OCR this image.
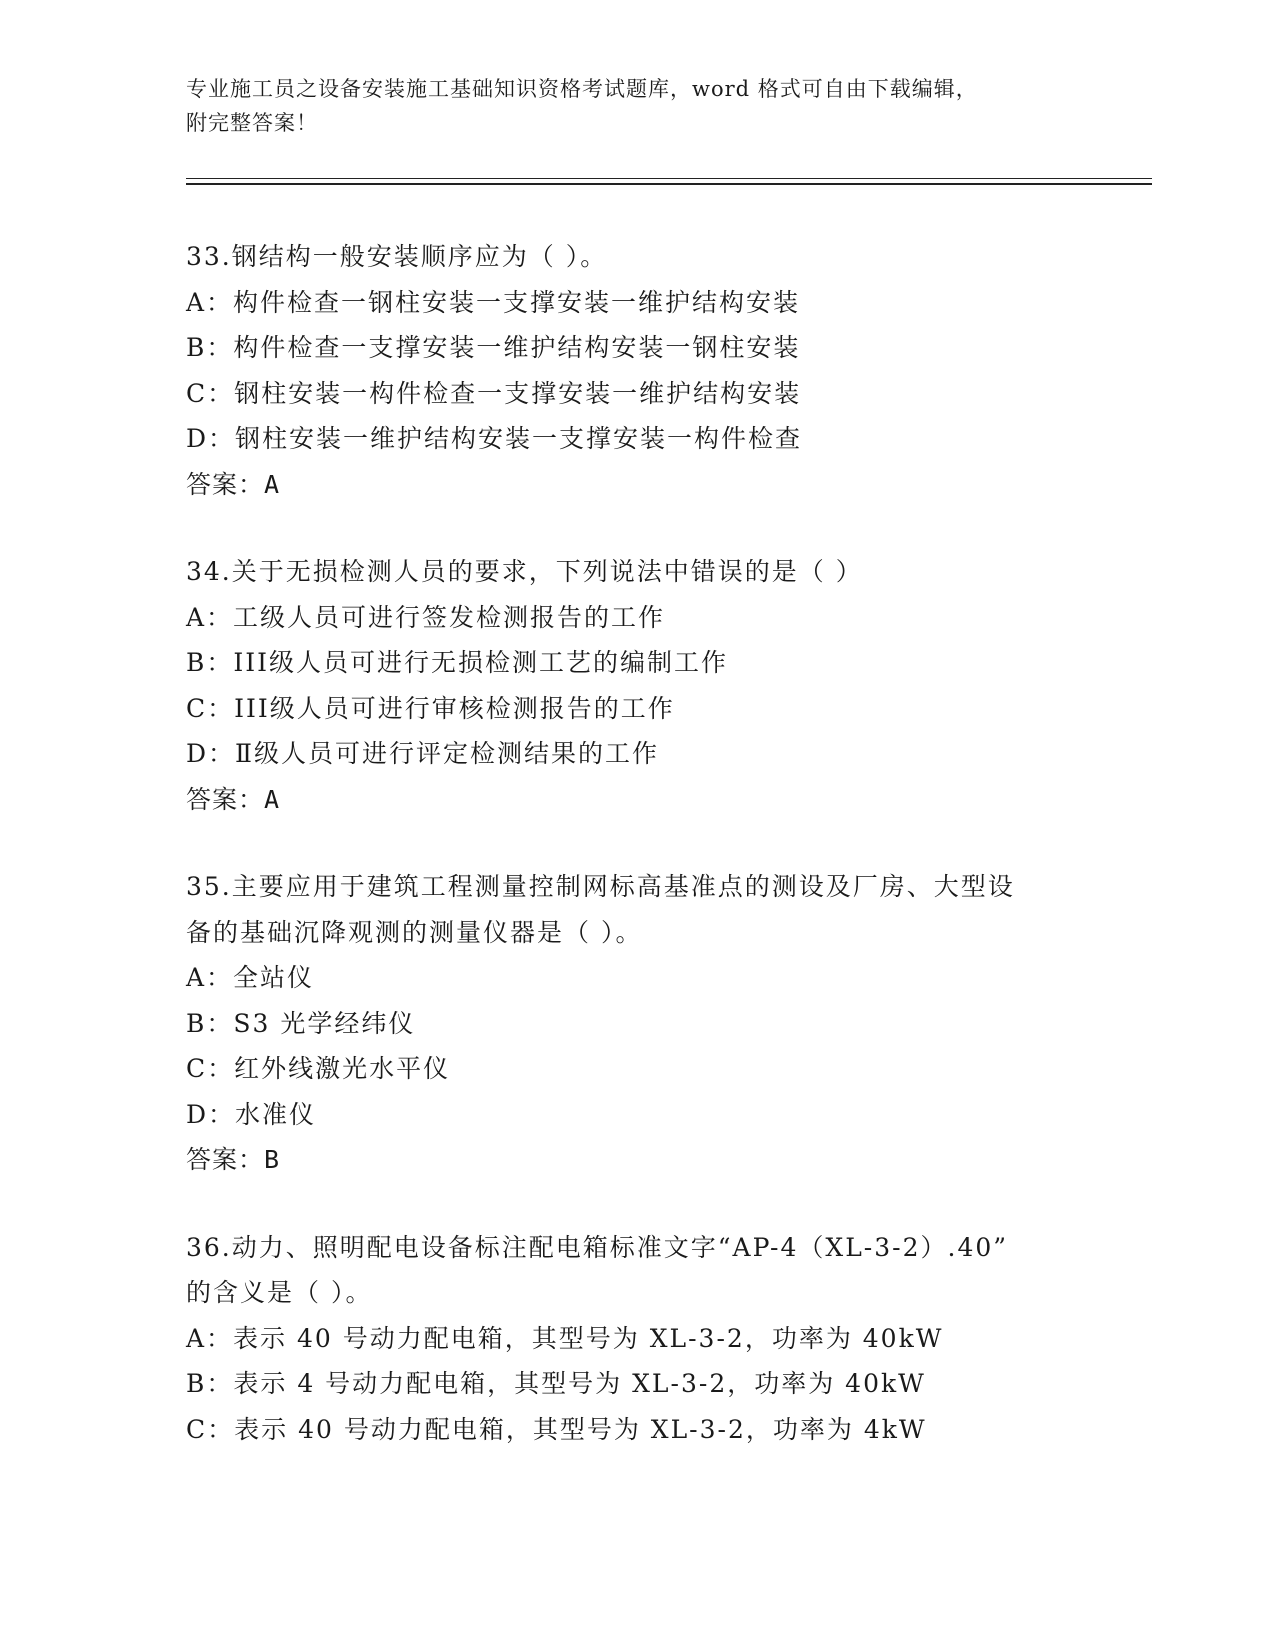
专业施工员之设备安装施工基础知识资格考试题库，word 格式可自由下载编辑，
附完整答案！
33.钢结构一般安装顺序应为（ ）。
A：构件检查一钢柱安装一支撑安装一维护结构安装
B：构件检查一支撑安装一维护结构安装一钢柱安装
C：钢柱安装一构件检查一支撑安装一维护结构安装
D：钢柱安装一维护结构安装一支撑安装一构件检查
答案：A
34.关于无损检测人员的要求，下列说法中错误的是（ ）
A：工级人员可进行签发检测报告的工作
B：III级人员可进行无损检测工艺的编制工作
C：III级人员可进行审核检测报告的工作
D：Ⅱ级人员可进行评定检测结果的工作
答案：A
35.主要应用于建筑工程测量控制网标高基准点的测设及厂房、大型设
备的基础沉降观测的测量仪器是（ ）。
A：全站仪
B：S3 光学经纬仪
C：红外线激光水平仪
D：水准仪
答案：B
36.动力、照明配电设备标注配电箱标准文字“AP-4（XL-3-2）.40”
的含义是（ ）。
A：表示 40 号动力配电箱，其型号为 XL-3-2，功率为 40kW
B：表示 4 号动力配电箱，其型号为 XL-3-2，功率为 40kW
C：表示 40 号动力配电箱，其型号为 XL-3-2，功率为 4kW
